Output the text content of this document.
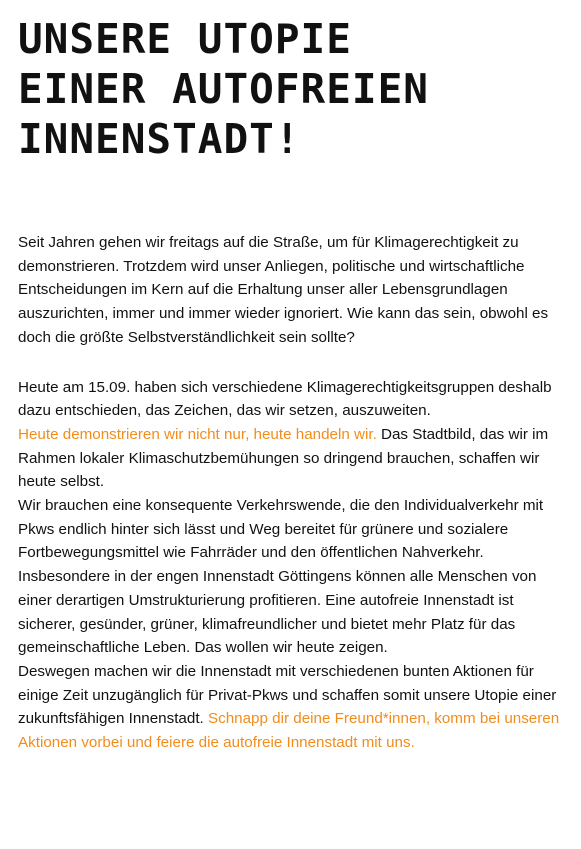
UNSERE UTOPIE
EINER AUTOFREIEN
INNENSTADT!

Seit Jahren gehen wir freitags auf die Straße, um für Klimagerechtigkeit zu demonstrieren. Trotzdem wird unser Anliegen, politische und wirtschaftliche Entscheidungen im Kern auf die Erhaltung unser aller Lebensgrundlagen auszurichten, immer und immer wieder ignoriert. Wie kann das sein, obwohl es doch die größte Selbstverständlichkeit sein sollte?

Heute am 15.09. haben sich verschiedene Klimagerechtigkeitsgruppen deshalb dazu entschieden, das Zeichen, das wir setzen, auszuweiten.
Heute demonstrieren wir nicht nur, heute handeln wir. Das Stadtbild, das wir im Rahmen lokaler Klimaschutzbemühungen so dringend brauchen, schaffen wir heute selbst.
Wir brauchen eine konsequente Verkehrswende, die den Individualverkehr mit Pkws endlich hinter sich lässt und Weg bereitet für grünere und sozialere Fortbewegungsmittel wie Fahrräder und den öffentlichen Nahverkehr.
Insbesondere in der engen Innenstadt Göttingens können alle Menschen von einer derartigen Umstrukturierung profitieren. Eine autofreie Innenstadt ist sicherer, gesünder, grüner, klimafreundlicher und bietet mehr Platz für das gemeinschaftliche Leben. Das wollen wir heute zeigen.
Deswegen machen wir die Innenstadt mit verschiedenen bunten Aktionen für einige Zeit unzugänglich für Privat-Pkws und schaffen somit unsere Utopie einer zukunftsfähigen Innenstadt. Schnapp dir deine Freund*innen, komm bei unseren Aktionen vorbei und feiere die autofreie Innenstadt mit uns.
